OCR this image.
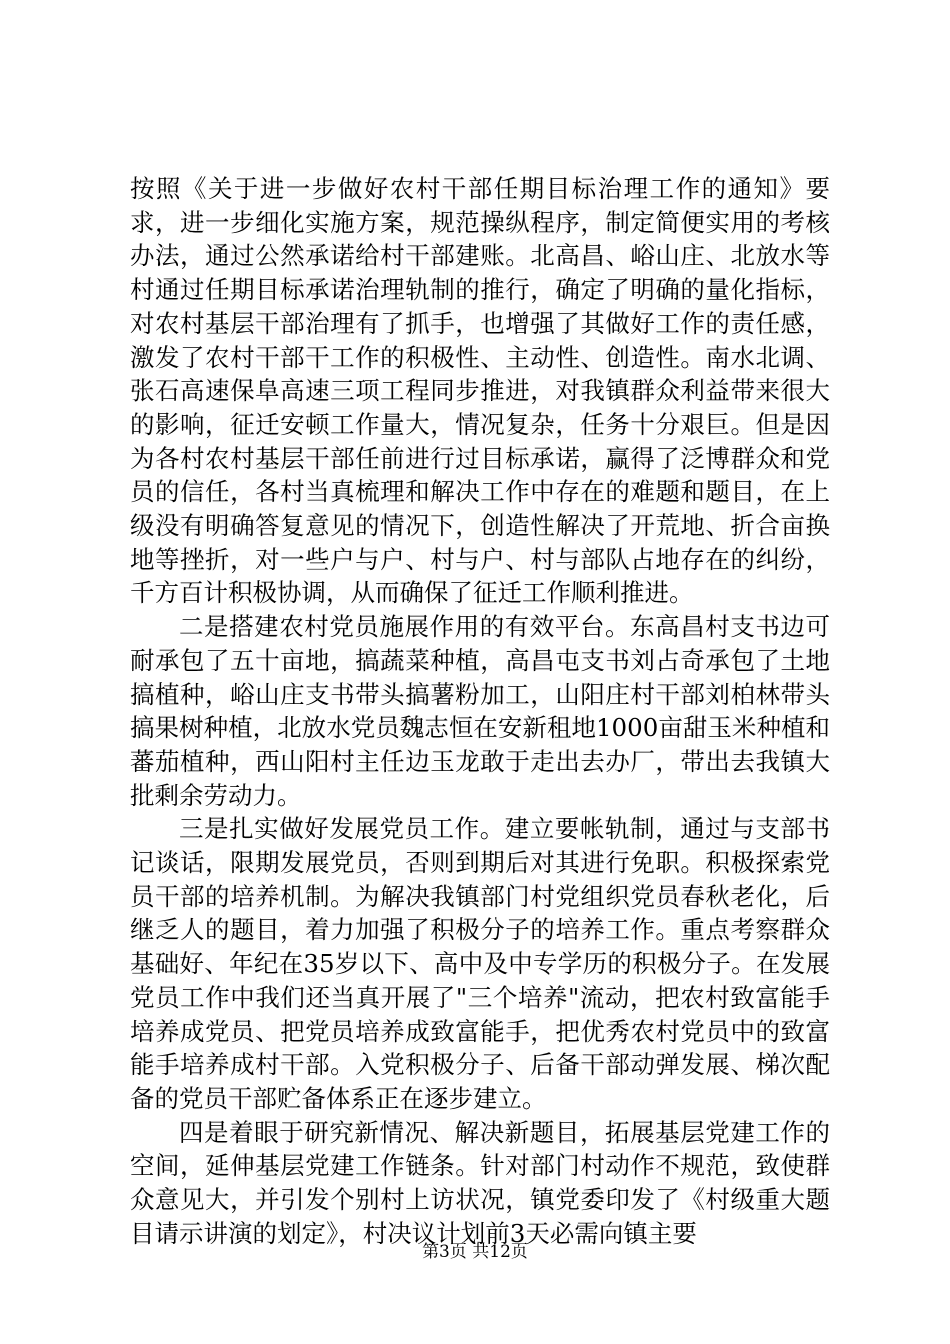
按照《关于进一步做好农村干部任期目标治理工作的通知》要求，进一步细化实施方案，规范操纵程序，制定简便实用的考核办法，通过公然承诺给村干部建账。北高昌、峪山庄、北放水等村通过任期目标承诺治理轨制的推行，确定了明确的量化指标，对农村基层干部治理有了抓手，也增强了其做好工作的责任感，激发了农村干部干工作的积极性、主动性、创造性。南水北调、张石高速保阜高速三项工程同步推进，对我镇群众利益带来很大的影响，征迁安顿工作量大，情况复杂，任务十分艰巨。但是因为各村农村基层干部任前进行过目标承诺，赢得了泛博群众和党员的信任，各村当真梳理和解决工作中存在的难题和题目，在上级没有明确答复意见的情况下，创造性解决了开荒地、折合亩换地等挫折，对一些户与户、村与户、村与部队占地存在的纠纷，千方百计积极协调，从而确保了征迁工作顺利推进。

二是搭建农村党员施展作用的有效平台。东高昌村支书边可耐承包了五十亩地，搞蔬菜种植，高昌屯支书刘占奇承包了土地搞植种，峪山庄支书带头搞薯粉加工，山阳庄村干部刘柏林带头搞果树种植，北放水党员魏志恒在安新租地1000亩甜玉米种植和蕃茄植种，西山阳村主任边玉龙敢于走出去办厂，带出去我镇大批剩余劳动力。

三是扎实做好发展党员工作。建立要帐轨制，通过与支部书记谈话，限期发展党员，否则到期后对其进行免职。积极探索党员干部的培养机制。为解决我镇部门村党组织党员春秋老化，后继乏人的题目，着力加强了积极分子的培养工作。重点考察群众基础好、年纪在35岁以下、高中及中专学历的积极分子。在发展党员工作中我们还当真开展了"三个培养"流动，把农村致富能手培养成党员、把党员培养成致富能手，把优秀农村党员中的致富能手培养成村干部。入党积极分子、后备干部动弹发展、梯次配备的党员干部贮备体系正在逐步建立。

四是着眼于研究新情况、解决新题目，拓展基层党建工作的空间，延伸基层党建工作链条。针对部门村动作不规范，致使群众意见大，并引发个别村上访状况，镇党委印发了《村级重大题目请示讲演的划定》，村决议计划前3天必需向镇主要

第3页 共12页
